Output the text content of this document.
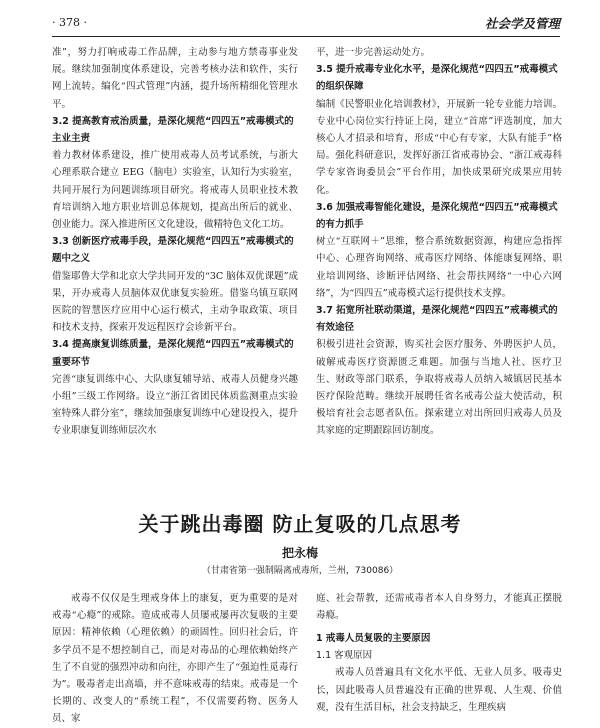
· 378 ·	社会学及管理

准”，努力打响戒毒工作品牌，主动参与地方禁毒事业发展。继续加强制度体系建设，完善考核办法和软件，实行网上流转。编化“四式管理”内涵，提升场所精细化管理水平。

3.2 提高教育戒治质量，是深化规范“四四五”戒毒模式的主业主责

着力教材体系建设，推广使用戒毒人员考试系统，与浙大心理系联合建立 EEG（脑电）实验室，认知行为实验室，共同开展行为问题训练项目研究。将戒毒人员职业技术教育培训纳入地方职业培训总体规划，提高出所后的就业、创业能力。深入推进所区文化建设，做精特色文化工坊。

3.3 创新医疗戒毒手段，是深化规范“四四五”戒毒模式的题中之义

借鉴耶鲁大学和北京大学共同开发的“3C 脑体双优课题”成果，开办戒毒人员脑体双优康复实验班。借鉴乌镇互联网医院的智慧医疗应用中心运行模式，主动争取政策、项目和技术支持，探索开发远程医疗会诊新平台。

3.4 提高康复训练质量，是深化规范“四四五”戒毒模式的重要环节

完善“康复训练中心、大队康复辅导站、戒毒人员健身兴趣小组”三级工作网络。设立“浙江省团民体质监测重点实验室特殊人群分室”，继续加强康复训练中心建设投入，提升专业职康复训练师层次水

平，进一步完善运动处方。

3.5 提升戒毒专业化水平，是深化规范“四四五”戒毒模式的组织保障

编制《民警职业化培训教材》，开展新一轮专业能力培训。专业中心岗位实行持证上岗，建立“首席”评选制度，加大核心人才招录和培育，形成“中心有专家，大队有能手”格局。强化科研意识，发挥好浙江省戒毒协会、“浙江戒毒科学专家咨询委员会”平台作用，加快成果研究成果应用转化。

3.6 加强戒毒智能化建设，是深化规范“四四五”戒毒模式的有力抓手

树立“互联网＋”思维，整合系统数据资源，构建应急指挥中心、心理咨询网络、戒毒医疗网络、体能康复网络、职业培训网络、诊断评估网络、社会帮扶网络“一中心六网络”，为“四四五”戒毒模式运行提供技术支撑。

3.7 拓宽所社联动渠道，是深化规范“四四五”戒毒模式的有效途径

积极引进社会资源，购买社会医疗服务、外聘医护人员，破解戒毒医疗资源匮乏难题。加强与当地人社、医疗卫生、财政等部门联系，争取将戒毒人员纳入城镇居民基本医疗保险范畴。继续开展聘任省名戒毒公益大使活动，积极培育社会志愿者队伍。探索建立对出所回归戒毒人员及其家庭的定期跟踪回访制度。

关于跳出毒圈 防止复吸的几点思考
把永梅
（甘肃省第一强制隔离戒毒所，兰州，730086）

戒毒不仅仅是生理戒身体上的康复，更为重要的是对戒毒“心瘾”的戒除。造成戒毒人员屡戒屡再次复吸的主要原因：精神依赖（心理依赖）的顽固性。回归社会后，许多学员不是不想控制自己，而是对毒品的心理依赖始终产生了不自觉的强烈冲动和向往，亦即产生了“强迫性觅毒行为”。吸毒者走出高墙，并不意味戒毒的结束。戒毒是一个长期的、改变人的“系统工程”，不仅需要药物、医务人员、家

庭、社会帮教，还需戒毒者本人自身努力，才能真正摆脱毒瘾。

1 戒毒人员复吸的主要原因

1.1 客观原因

戒毒人员普遍具有文化水平低、无业人员多、吸毒史长，因此吸毒人员普遍没有正确的世界观、人生观、价值观，没有生活目标，社会支持缺乏，生理疾病
